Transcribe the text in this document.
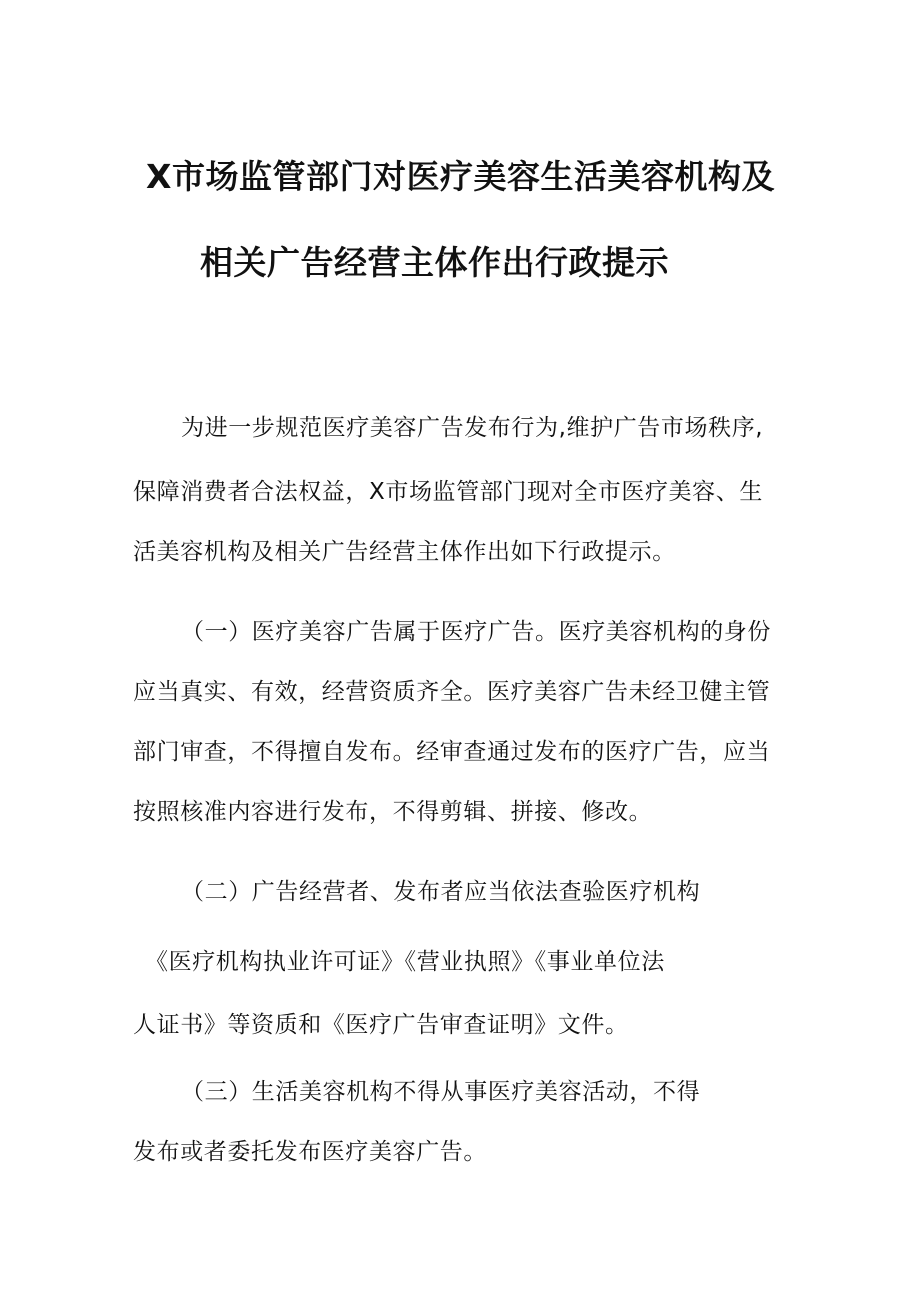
X市场监管部门对医疗美容生活美容机构及
相关广告经营主体作出行政提示

为进一步规范医疗美容广告发布行为,维护广告市场秩序,

保障消费者合法权益，X市场监管部门现对全市医疗美容、生

活美容机构及相关广告经营主体作出如下行政提示。

（一）医疗美容广告属于医疗广告。医疗美容机构的身份

应当真实、有效，经营资质齐全。医疗美容广告未经卫健主管

部门审查，不得擅自发布。经审查通过发布的医疗广告，应当

按照核准内容进行发布，不得剪辑、拼接、修改。

（二）广告经营者、发布者应当依法查验医疗机构

《医疗机构执业许可证》《营业执照》《事业单位法

人证书》等资质和《医疗广告审查证明》文件。

（三）生活美容机构不得从事医疗美容活动，不得

发布或者委托发布医疗美容广告。
